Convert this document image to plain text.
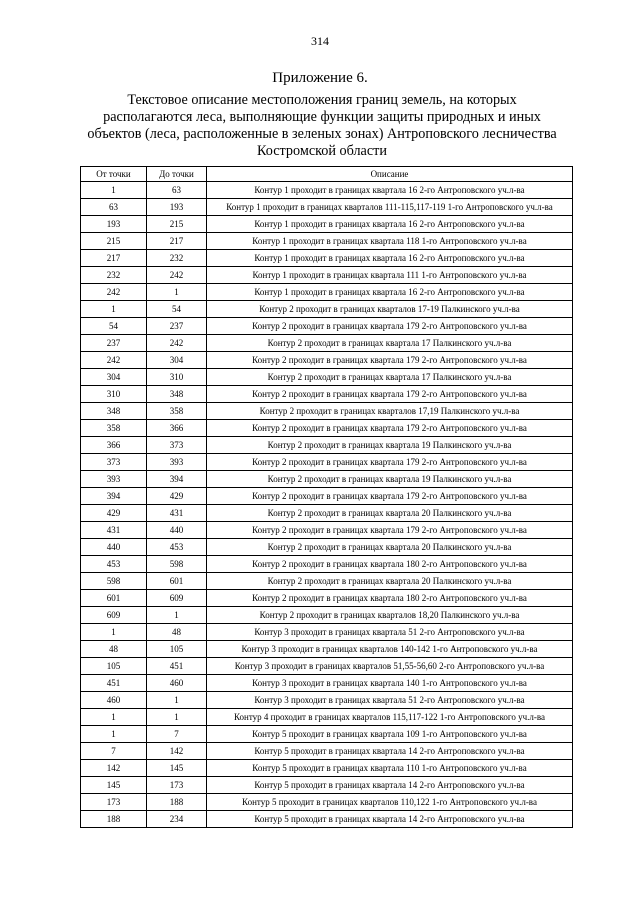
314
Приложение 6.
Текстовое описание местоположения границ земель, на которых располагаются леса, выполняющие функции защиты природных и иных объектов (леса, расположенные в зеленых зонах) Антроповского лесничества Костромской области
От точки	До точки	Описание
1	63	Контур 1 проходит в границах квартала 16 2-го Антроповского уч.л-ва
63	193	Контур 1 проходит в границах кварталов 111-115,117-119 1-го Антроповского уч.л-ва
193	215	Контур 1 проходит в границах квартала 16 2-го Антроповского уч.л-ва
215	217	Контур 1 проходит в границах квартала 118 1-го Антроповского уч.л-ва
217	232	Контур 1 проходит в границах квартала 16 2-го Антроповского уч.л-ва
232	242	Контур 1 проходит в границах квартала 111 1-го Антроповского уч.л-ва
242	1	Контур 1 проходит в границах квартала 16 2-го Антроповского уч.л-ва
1	54	Контур 2 проходит в границах кварталов 17-19 Палкинского уч.л-ва
54	237	Контур 2 проходит в границах квартала 179 2-го Антроповского уч.л-ва
237	242	Контур 2 проходит в границах квартала 17 Палкинского уч.л-ва
242	304	Контур 2 проходит в границах квартала 179 2-го Антроповского уч.л-ва
304	310	Контур 2 проходит в границах квартала 17 Палкинского уч.л-ва
310	348	Контур 2 проходит в границах квартала 179 2-го Антроповского уч.л-ва
348	358	Контур 2 проходит в границах кварталов 17,19 Палкинского уч.л-ва
358	366	Контур 2 проходит в границах квартала 179 2-го Антроповского уч.л-ва
366	373	Контур 2 проходит в границах квартала 19 Палкинского уч.л-ва
373	393	Контур 2 проходит в границах квартала 179 2-го Антроповского уч.л-ва
393	394	Контур 2 проходит в границах квартала 19 Палкинского уч.л-ва
394	429	Контур 2 проходит в границах квартала 179 2-го Антроповского уч.л-ва
429	431	Контур 2 проходит в границах квартала 20 Палкинского уч.л-ва
431	440	Контур 2 проходит в границах квартала 179 2-го Антроповского уч.л-ва
440	453	Контур 2 проходит в границах квартала 20 Палкинского уч.л-ва
453	598	Контур 2 проходит в границах квартала 180 2-го Антроповского уч.л-ва
598	601	Контур 2 проходит в границах квартала 20 Палкинского уч.л-ва
601	609	Контур 2 проходит в границах квартала 180 2-го Антроповского уч.л-ва
609	1	Контур 2 проходит в границах кварталов 18,20 Палкинского уч.л-ва
1	48	Контур 3 проходит в границах квартала 51 2-го Антроповского уч.л-ва
48	105	Контур 3 проходит в границах кварталов 140-142 1-го Антроповского уч.л-ва
105	451	Контур 3 проходит в границах кварталов 51,55-56,60 2-го Антроповского уч.л-ва
451	460	Контур 3 проходит в границах квартала 140 1-го Антроповского уч.л-ва
460	1	Контур 3 проходит в границах квартала 51 2-го Антроповского уч.л-ва
1	1	Контур 4 проходит в границах кварталов 115,117-122 1-го Антроповского уч.л-ва
1	7	Контур 5 проходит в границах квартала 109 1-го Антроповского уч.л-ва
7	142	Контур 5 проходит в границах квартала 14 2-го Антроповского уч.л-ва
142	145	Контур 5 проходит в границах квартала 110 1-го Антроповского уч.л-ва
145	173	Контур 5 проходит в границах квартала 14 2-го Антроповского уч.л-ва
173	188	Контур 5 проходит в границах кварталов 110,122 1-го Антроповского уч.л-ва
188	234	Контур 5 проходит в границах квартала 14 2-го Антроповского уч.л-ва
